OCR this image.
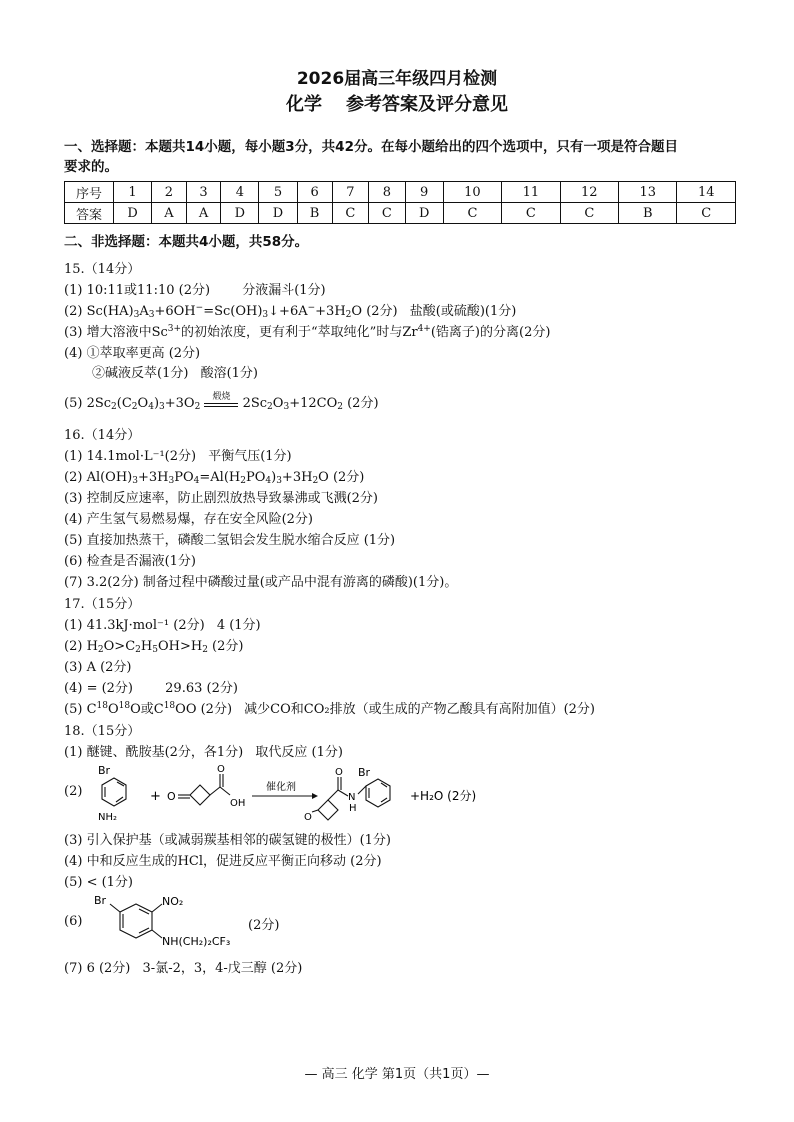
2026届高三年级四月检测
化学 参考答案及评分意见
一、选择题：本题共14小题，每小题3分，共42分。在每小题给出的四个选项中，只有一项是符合题目
要求的。
序号	1	2	3	4	5	6	7	8	9	10	11	12	13	14
答案	D	A	A	D	D	B	C	C	D	C	C	C	B	C
二、非选择题：本题共4小题，共58分。
15.（14分）
(1) 10:11或11:10 (2分) 分液漏斗(1分)
(2) $Sc(HA)_3A_3+6OH^-=Sc(OH)_3↓+6A^-+3H_2O$ (2分) 盐酸(或硫酸)(1分)
(3) 增大溶液中$Sc^{3+}$的初始浓度，更有利于“萃取纯化”时与$Zr^{4+}$(锆离子)的分离(2分)
(4) ①萃取率更高 (2分)
②碱液反萃(1分) 酸溶(1分)
(5) $2Sc_2(C_2O_4)_3+3O_2$
煅烧 $2Sc_2O_3+12CO_2$ (2分)
16.（14分）
(1) 14.1mol·L⁻¹(2分) 平衡气压(1分)
(2) $Al(OH)_3+3H_3PO_4=Al(H_2PO_4)_3+3H_2O$ (2分)
(3) 控制反应速率，防止剧烈放热导致暴沸或飞溅(2分)
(4) 产生氢气易燃易爆，存在安全风险(2分)
(5) 直接加热蒸干，磷酸二氢铝会发生脱水缩合反应 (1分)
(6) 检查是否漏液(1分)
(7) 3.2(2分) 制备过程中磷酸过量(或产品中混有游离的磷酸)(1分)。
17.（15分）
(1) 41.3kJ·mol⁻¹ (2分) 4 (1分)
(2) $H_2O>C_2H_5OH>H_2$ (2分)
(3) A (2分)
(4) = (2分) 29.63 (2分)
(5) $C^{18}O^{18}O$或$C^{18}OO$ (2分) 减少CO和CO₂排放（或生成的产物乙酸具有高附加值）(2分)
18.（15分）
(1) 醚键、酰胺基(2分，各1分) 取代反应 (1分)
(2)
Br
NH₂
+ O
O
OH
催化剂
O
O
N
H
Br
+H₂O (2分)
(3) 引入保护基（或减弱羰基相邻的碳氢键的极性）(1分)
(4) 中和反应生成的HCl，促进反应平衡正向移动 (2分)
(5) < (1分)
(6)
Br	NO₂
NH(CH₂)₂CF₃
(2分)
(7) 6 (2分) 3-氯-2，3，4-戊三醇 (2分)
— 高三 化学 第1页（共1页）—
